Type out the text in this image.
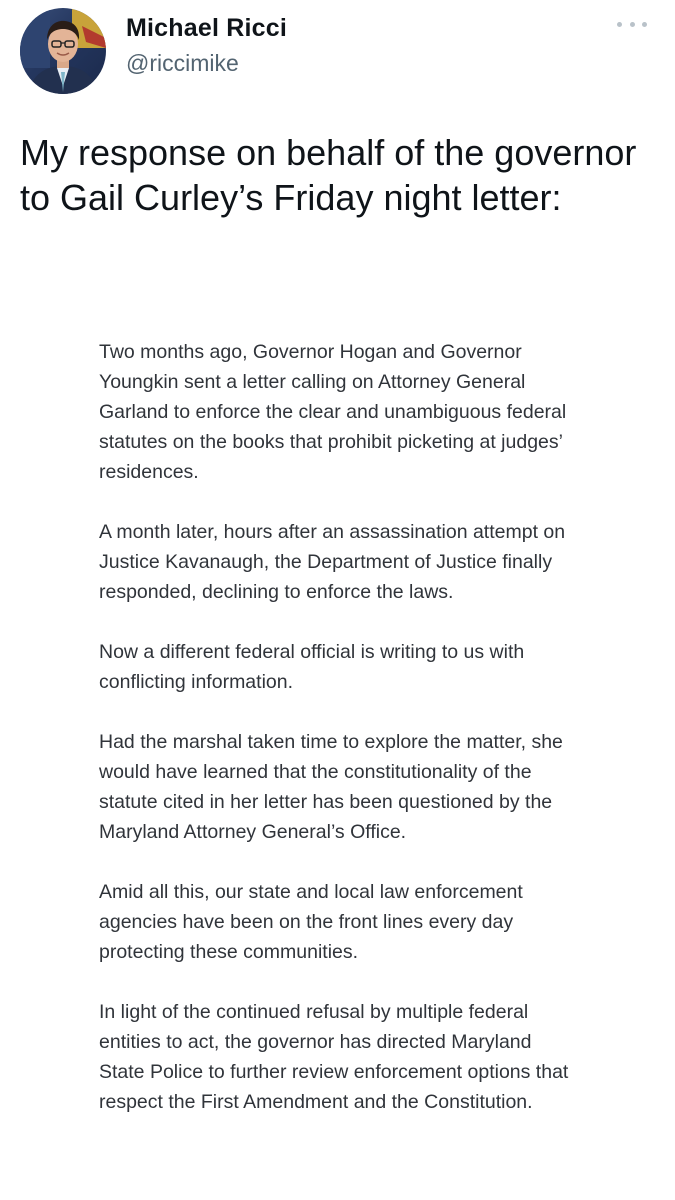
Michael Ricci
@riccimike
My response on behalf of the governor to Gail Curley’s Friday night letter:

Two months ago, Governor Hogan and Governor Youngkin sent a letter calling on Attorney General Garland to enforce the clear and unambiguous federal statutes on the books that prohibit picketing at judges’ residences.

A month later, hours after an assassination attempt on Justice Kavanaugh, the Department of Justice finally responded, declining to enforce the laws.

Now a different federal official is writing to us with conflicting information.

Had the marshal taken time to explore the matter, she would have learned that the constitutionality of the statute cited in her letter has been questioned by the Maryland Attorney General’s Office.

Amid all this, our state and local law enforcement agencies have been on the front lines every day protecting these communities.

In light of the continued refusal by multiple federal entities to act, the governor has directed Maryland State Police to further review enforcement options that respect the First Amendment and the Constitution.
